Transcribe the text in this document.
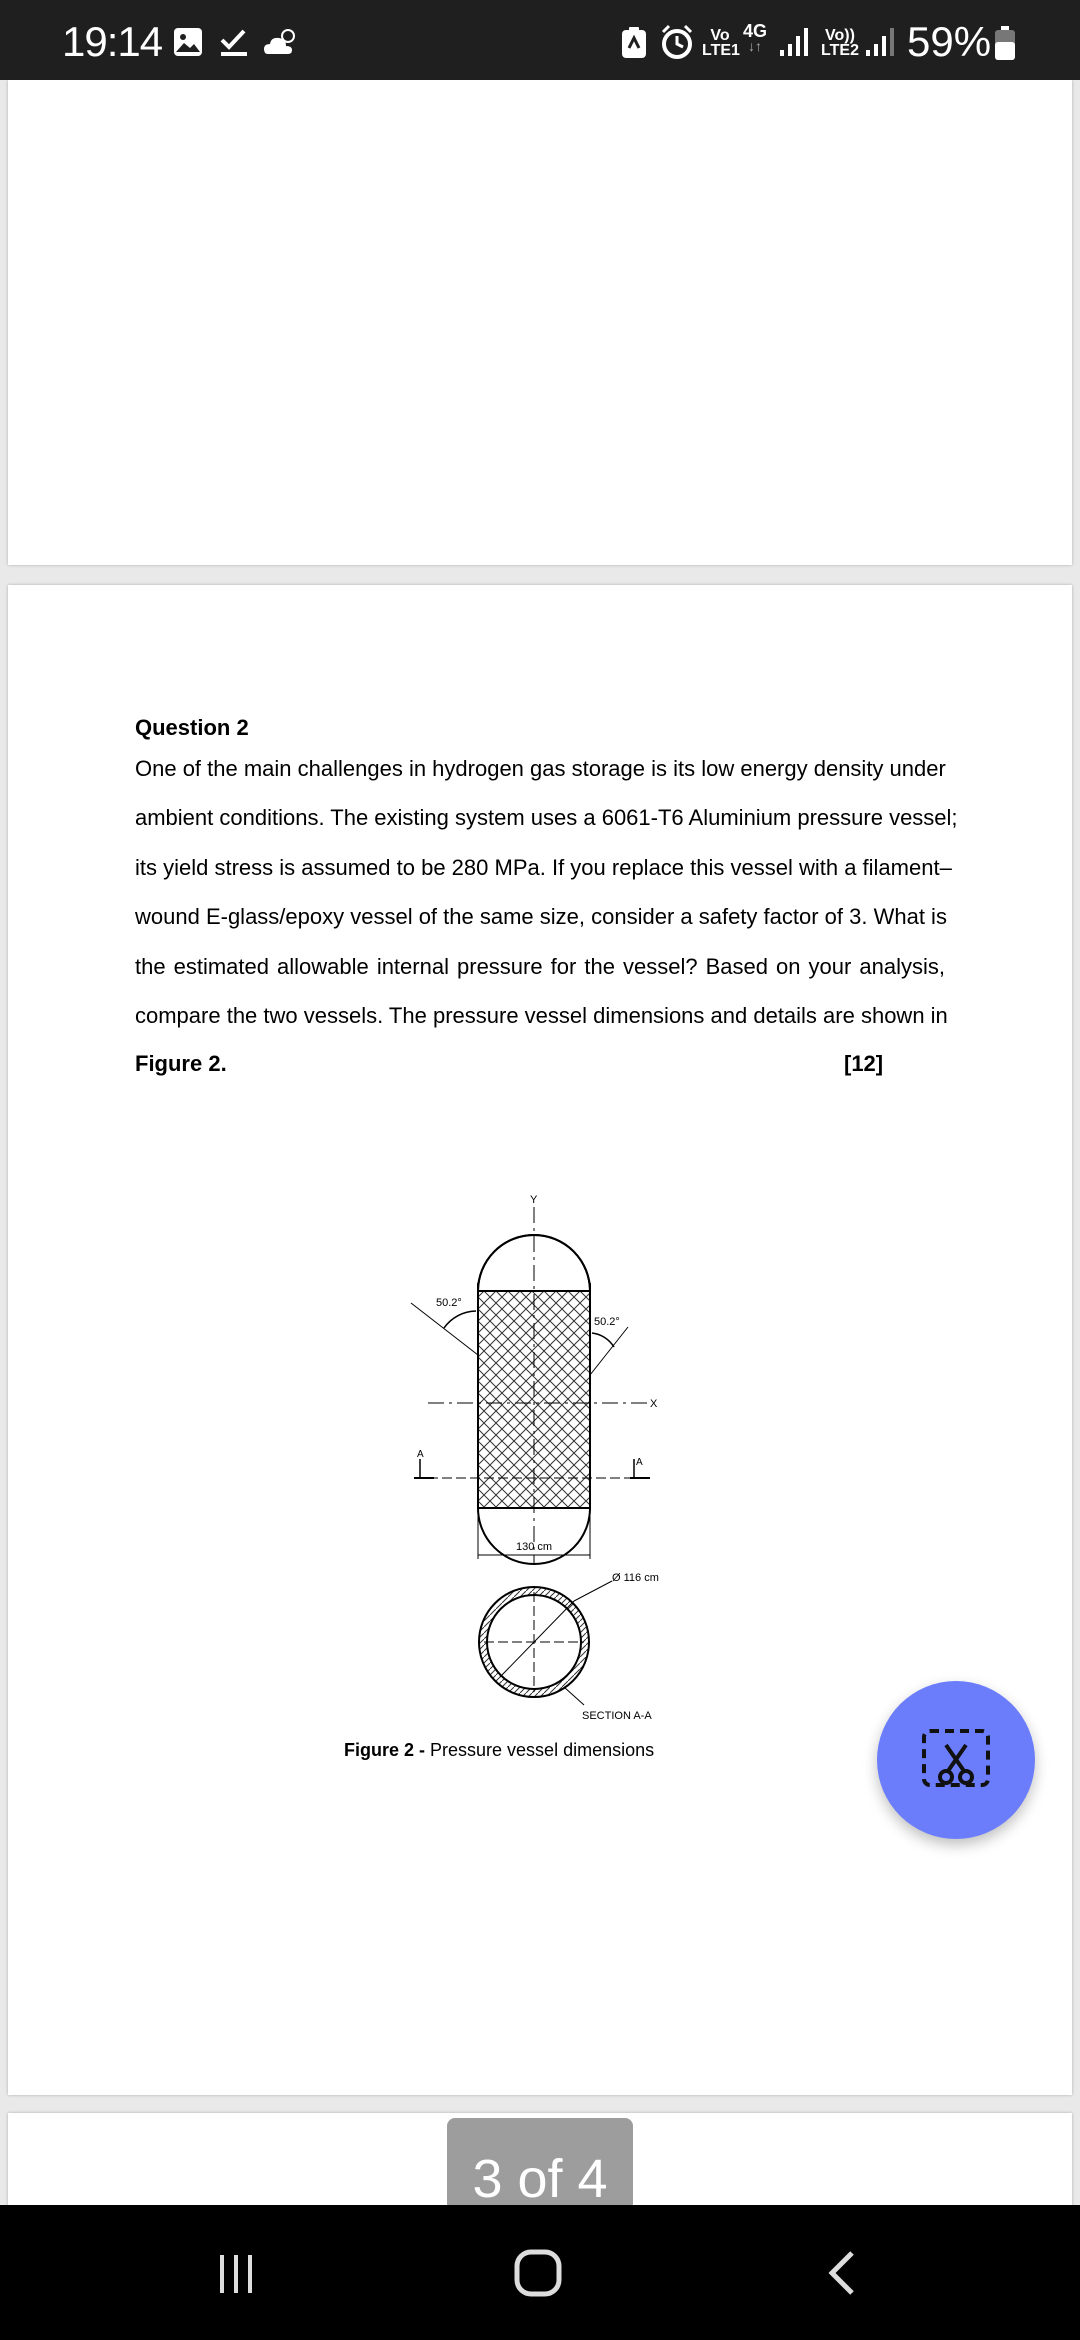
19:14	Vo
LTE1
4G
↓↑
Vo))
LTE2 59%
Question 2
One of the main challenges in hydrogen gas storage is its low energy density under
ambient conditions. The existing system uses a 6061-T6 Aluminium pressure vessel;
its yield stress is assumed to be 280 MPa. If you replace this vessel with a filament–
wound E-glass/epoxy vessel of the same size, consider a safety factor of 3. What is
the estimated allowable internal pressure for the vessel? Based on your analysis,
compare the two vessels. The pressure vessel dimensions and details are shown in
Figure 2.	[12]
Y
X
A
A
50.2°
50.2°
130 cm
Ø 116 cm
SECTION A-A
Figure 2 - Pressure vessel dimensions
3 of 4
